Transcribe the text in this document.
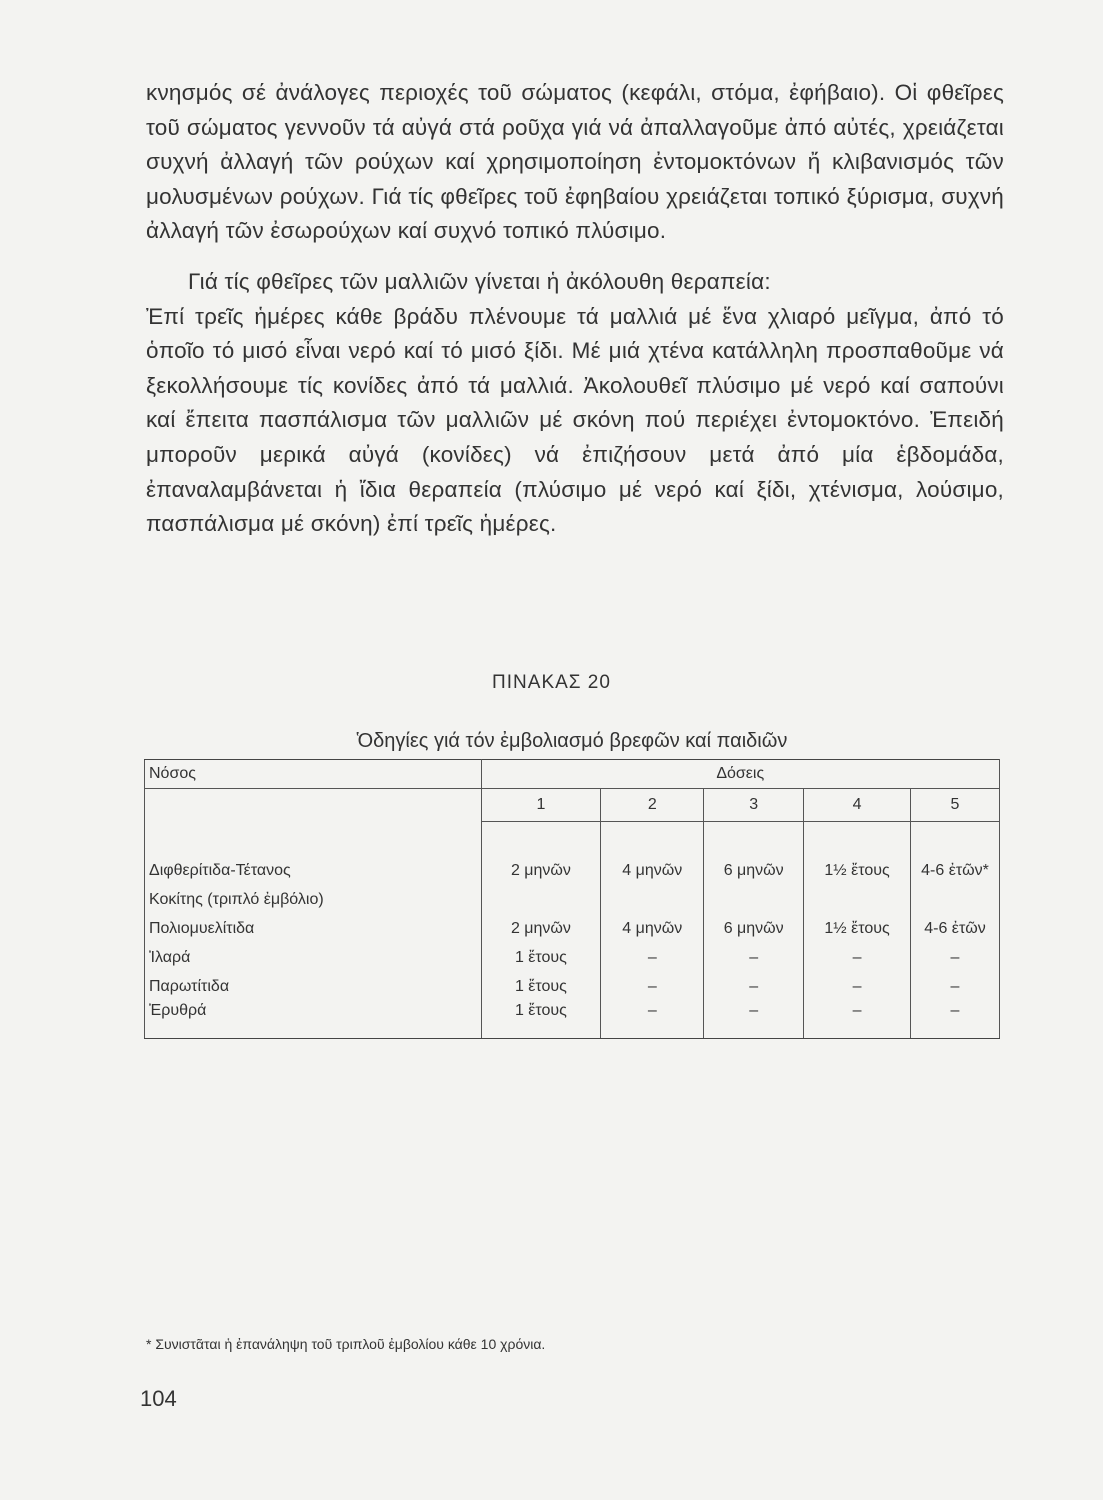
κνησμός σέ ἀνάλογες περιοχές τοῦ σώματος (κεφάλι, στόμα, ἐφήβαιο). Οἱ φθεῖρες τοῦ σώματος γεννοῦν τά αὐγά στά ροῦχα γιά νά ἀπαλλαγοῦμε ἀπό αὐτές, χρειάζεται συχνή ἀλλαγή τῶν ρούχων καί χρησιμοποίηση ἐντομοκτόνων ἤ κλιβανισμός τῶν μολυσμένων ρούχων. Γιά τίς φθεῖρες τοῦ ἐφηβαίου χρειάζεται τοπικό ξύρισμα, συχνή ἀλλαγή τῶν ἐσωρούχων καί συχνό τοπικό πλύσιμο.

Γιά τίς φθεῖρες τῶν μαλλιῶν γίνεται ἡ ἀκόλουθη θεραπεία:

Ἐπί τρεῖς ἡμέρες κάθε βράδυ πλένουμε τά μαλλιά μέ ἕνα χλιαρό μεῖγμα, ἀπό τό ὁποῖο τό μισό εἶναι νερό καί τό μισό ξίδι. Μέ μιά χτένα κατάλληλη προσπαθοῦμε νά ξεκολλήσουμε τίς κονίδες ἀπό τά μαλλιά. Ἀκολουθεῖ πλύσιμο μέ νερό καί σαπούνι καί ἔπειτα πασπάλισμα τῶν μαλλιῶν μέ σκόνη πού περιέχει ἐντομοκτόνο. Ἐπειδή μποροῦν μερικά αὐγά (κονίδες) νά ἐπιζήσουν μετά ἀπό μία ἑβδομάδα, ἐπαναλαμβάνεται ἡ ἴδια θεραπεία (πλύσιμο μέ νερό καί ξίδι, χτένισμα, λούσιμο, πασπάλισμα μέ σκόνη) ἐπί τρεῖς ἡμέρες.

ΠΙΝΑΚΑΣ 20
Ὁδηγίες γιά τόν ἐμβολιασμό βρεφῶν καί παιδιῶν
Νόσος	Δόσεις				
	1	2	3	4	5

Διφθερίτιδα-Τέτανος	2 μηνῶν	4 μηνῶν	6 μηνῶν	1½ ἔτους	4-6 ἐτῶν*
Κοκίτης (τριπλό ἐμβόλιο)					
Πολιομυελίτιδα	2 μηνῶν	4 μηνῶν	6 μηνῶν	1½ ἔτους	4-6 ἐτῶν
Ἰλαρά	1 ἔτους	–	–	–	–
Παρωτίτιδα	1 ἔτους	–	–	–	–
Ἐρυθρά	1 ἔτους	–	–	–	–
* Συνιστᾶται ἡ ἐπανάληψη τοῦ τριπλοῦ ἐμβολίου κάθε 10 χρόνια.
104
